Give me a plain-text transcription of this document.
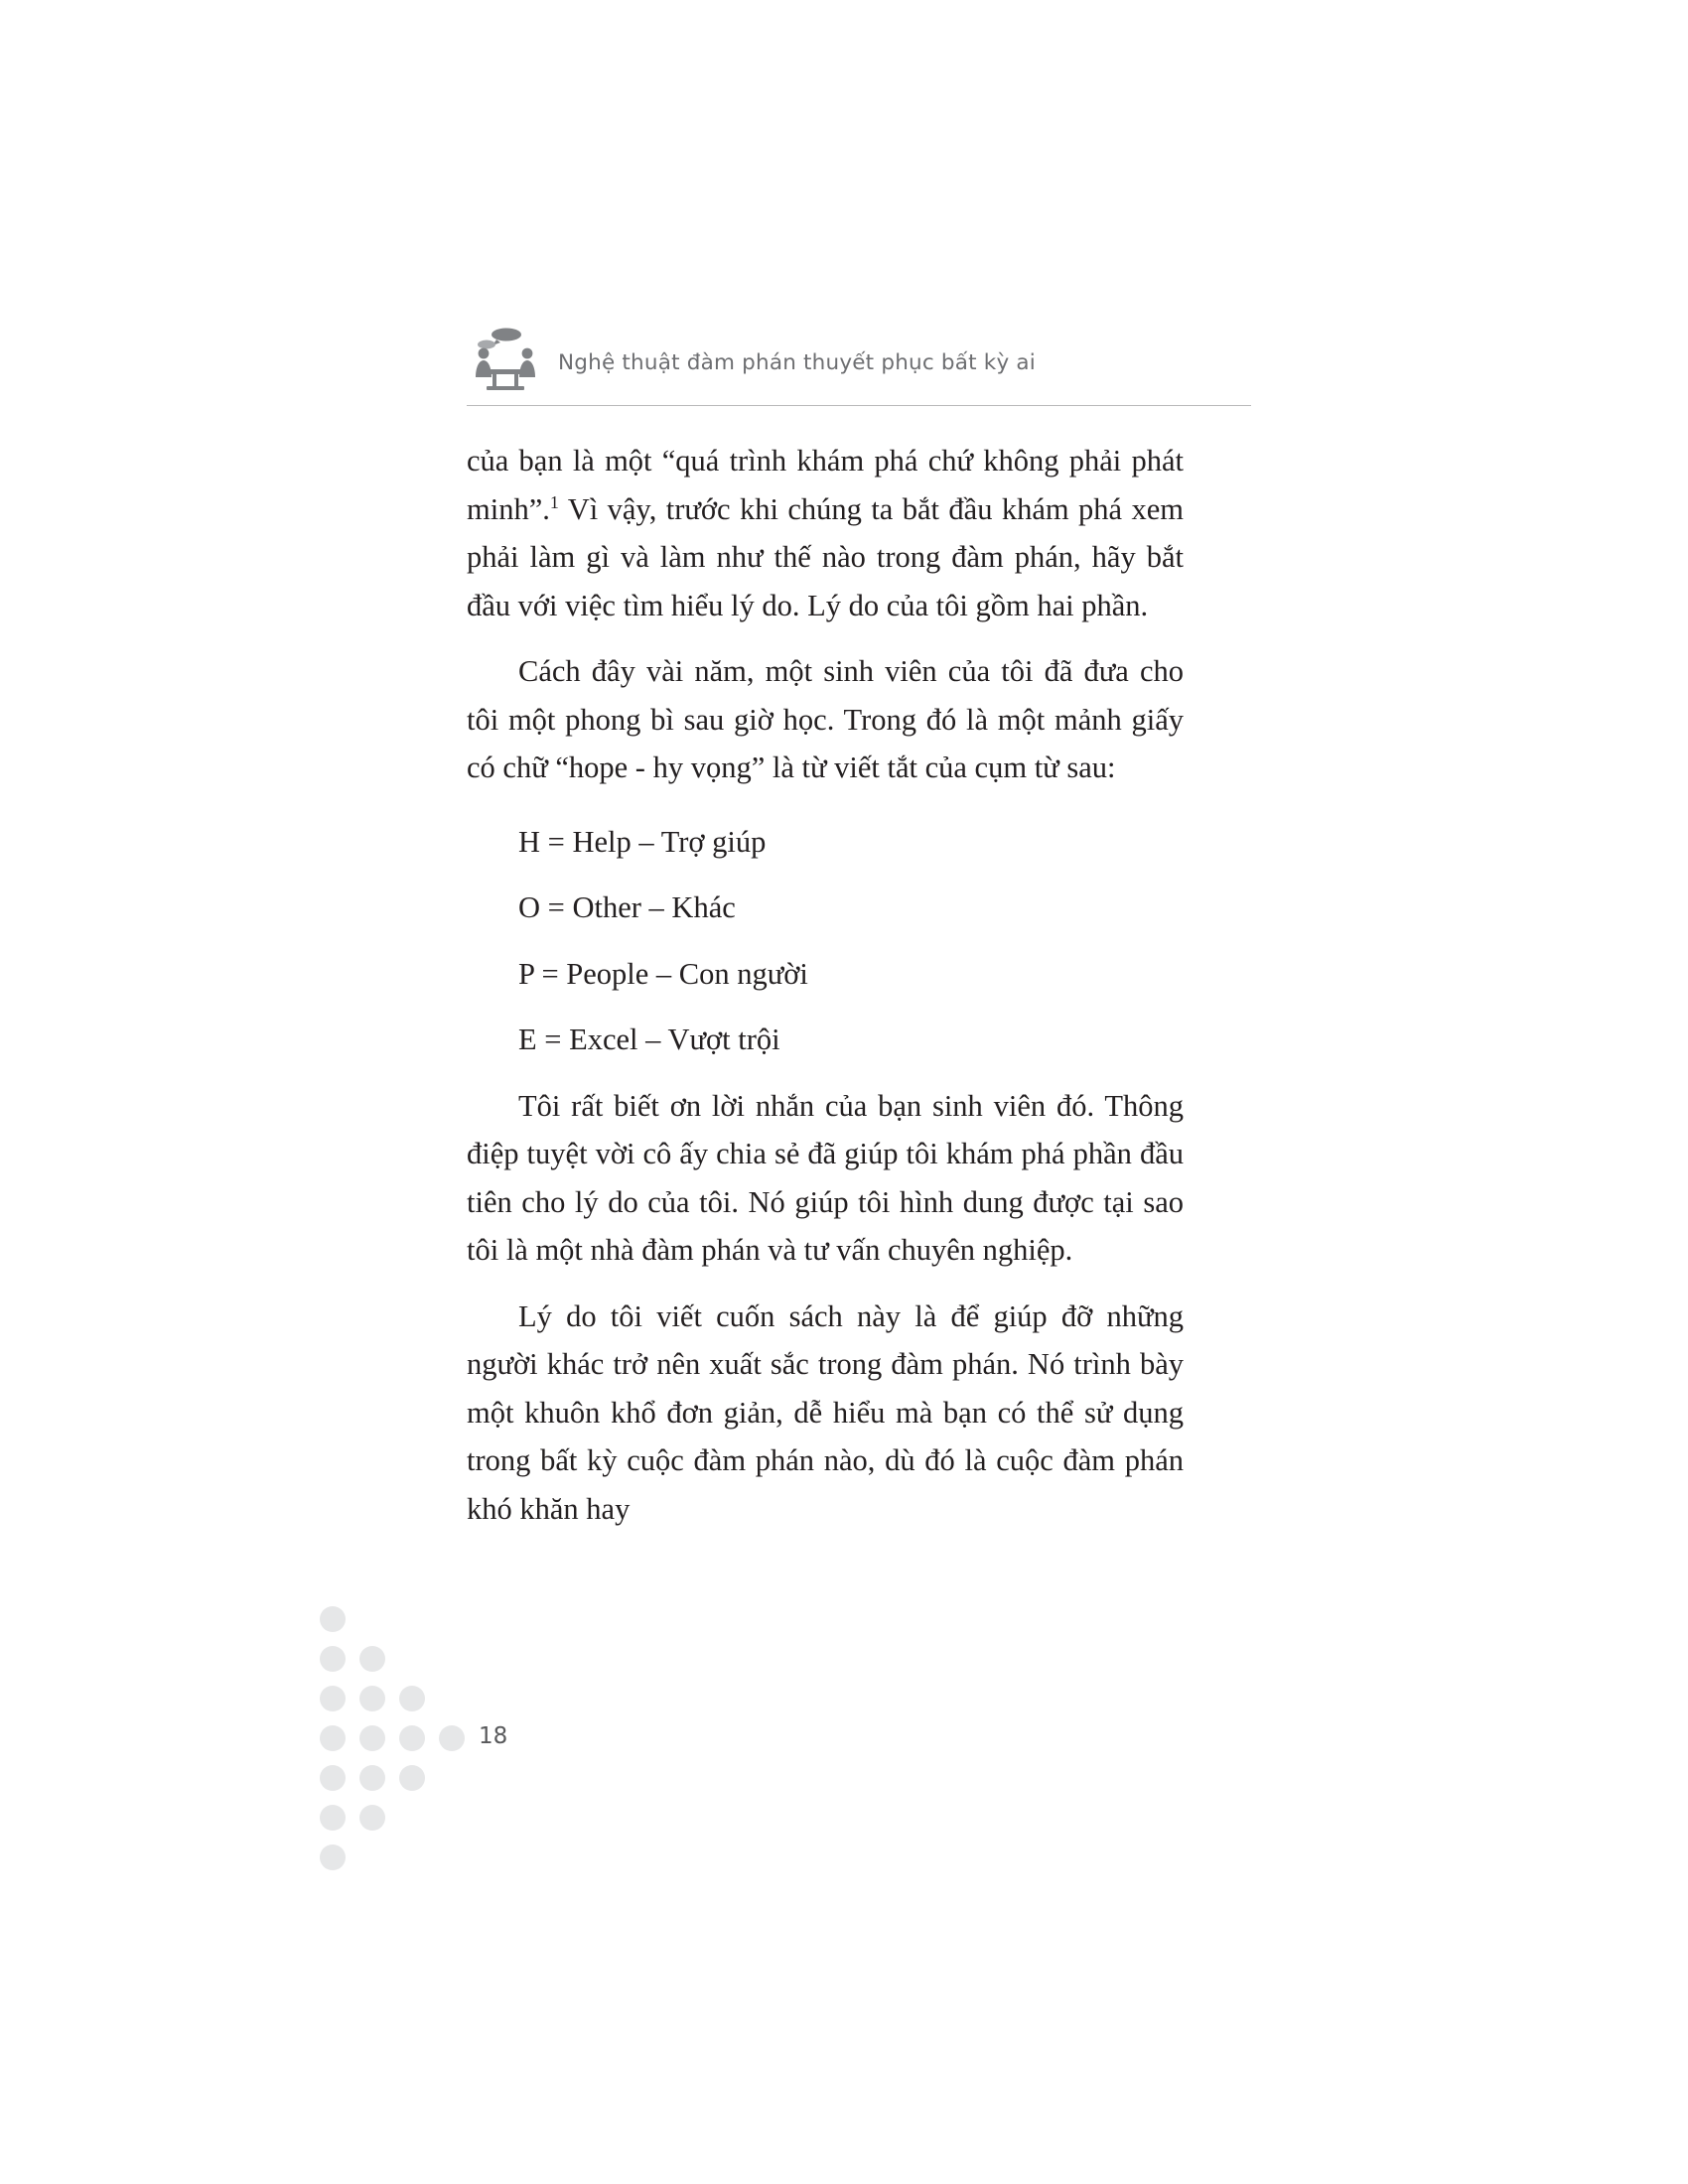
Nghệ thuật đàm phán thuyết phục bất kỳ ai

của bạn là một “quá trình khám phá chứ không phải phát minh”.$^1$ Vì vậy, trước khi chúng ta bắt đầu khám phá xem phải làm gì và làm như thế nào trong đàm phán, hãy bắt đầu với việc tìm hiểu lý do. Lý do của tôi gồm hai phần.

Cách đây vài năm, một sinh viên của tôi đã đưa cho tôi một phong bì sau giờ học. Trong đó là một mảnh giấy có chữ “hope - hy vọng” là từ viết tắt của cụm từ sau:

H = Help – Trợ giúp
O = Other – Khác
P = People – Con người
E = Excel – Vượt trội

Tôi rất biết ơn lời nhắn của bạn sinh viên đó. Thông điệp tuyệt vời cô ấy chia sẻ đã giúp tôi khám phá phần đầu tiên cho lý do của tôi. Nó giúp tôi hình dung được tại sao tôi là một nhà đàm phán và tư vấn chuyên nghiệp.

Lý do tôi viết cuốn sách này là để giúp đỡ những người khác trở nên xuất sắc trong đàm phán. Nó trình bày một khuôn khổ đơn giản, dễ hiểu mà bạn có thể sử dụng trong bất kỳ cuộc đàm phán nào, dù đó là cuộc đàm phán khó khăn hay

18
